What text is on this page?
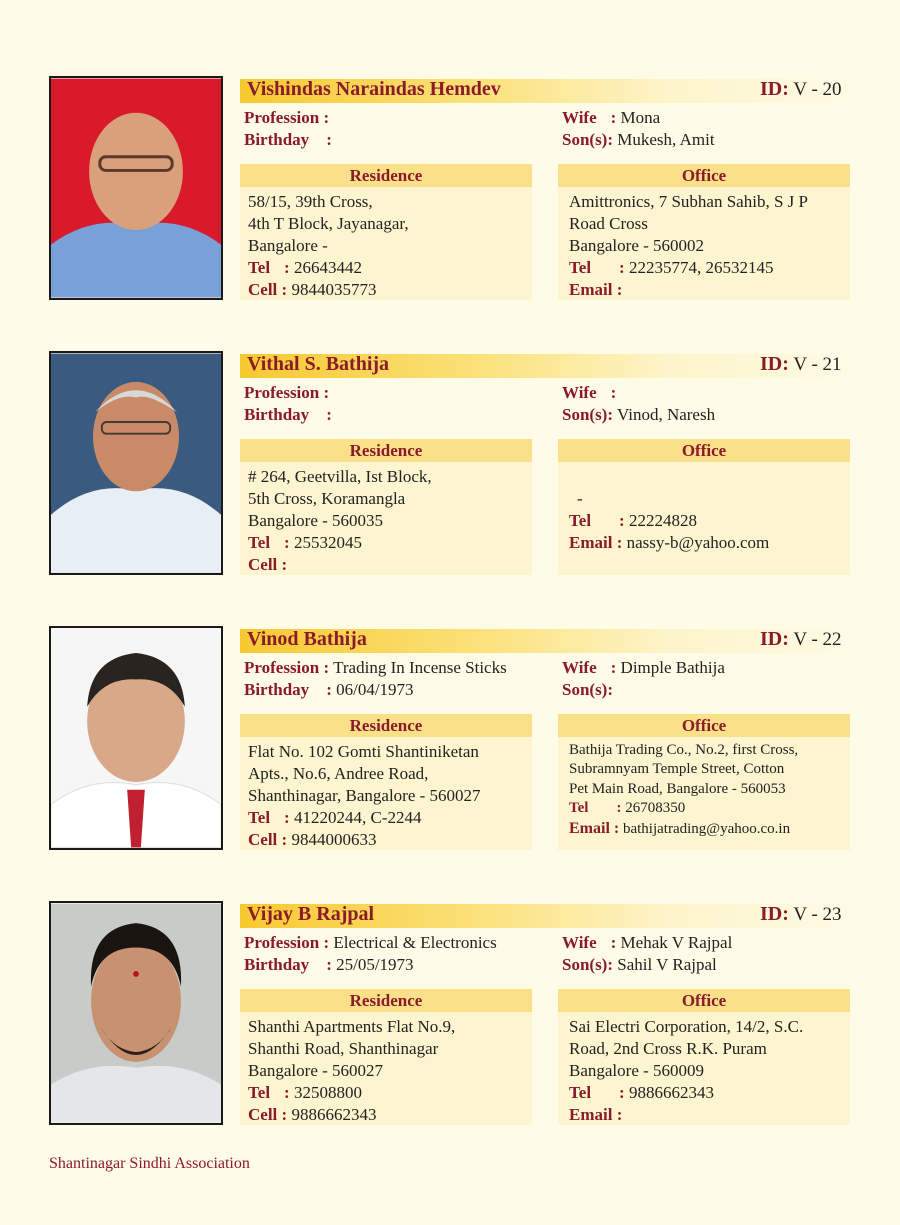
Vishindas Naraindas Hemdev	ID: V - 20
Profession :
Birthday :
Wife : Mona
Son(s): Mukesh, Amit
Residence
58/15, 39th Cross,
4th T Block, Jayanagar,
Bangalore -
Tel : 26643442
Cell : 9844035773
Office
Amittronics, 7 Subhan Sahib, S J P
Road Cross
Bangalore - 560002
Tel : 22235774, 26532145
Email :
Vithal S. Bathija	ID: V - 21
Profession :
Birthday :
Wife :
Son(s): Vinod, Naresh
Residence
# 264, Geetvilla, Ist Block,
5th Cross, Koramangla
Bangalore - 560035
Tel : 25532045
Cell :
Office
-
Tel : 22224828
Email : nassy-b@yahoo.com
Vinod Bathija	ID: V - 22
Profession : Trading In Incense Sticks
Birthday : 06/04/1973
Wife : Dimple Bathija
Son(s):
Residence
Flat No. 102 Gomti Shantiniketan
Apts., No.6, Andree Road,
Shanthinagar, Bangalore - 560027
Tel : 41220244, C-2244
Cell : 9844000633
Office
Bathija Trading Co., No.2, first Cross,
Subramnyam Temple Street, Cotton
Pet Main Road, Bangalore - 560053
Tel : 26708350
Email : bathijatrading@yahoo.co.in
Vijay B Rajpal	ID: V - 23
Profession : Electrical & Electronics
Birthday : 25/05/1973
Wife : Mehak V Rajpal
Son(s): Sahil V Rajpal
Residence
Shanthi Apartments Flat No.9,
Shanthi Road, Shanthinagar
Bangalore - 560027
Tel : 32508800
Cell : 9886662343
Office
Sai Electri Corporation, 14/2, S.C.
Road, 2nd Cross R.K. Puram
Bangalore - 560009
Tel : 9886662343
Email :
Shantinagar Sindhi Association
